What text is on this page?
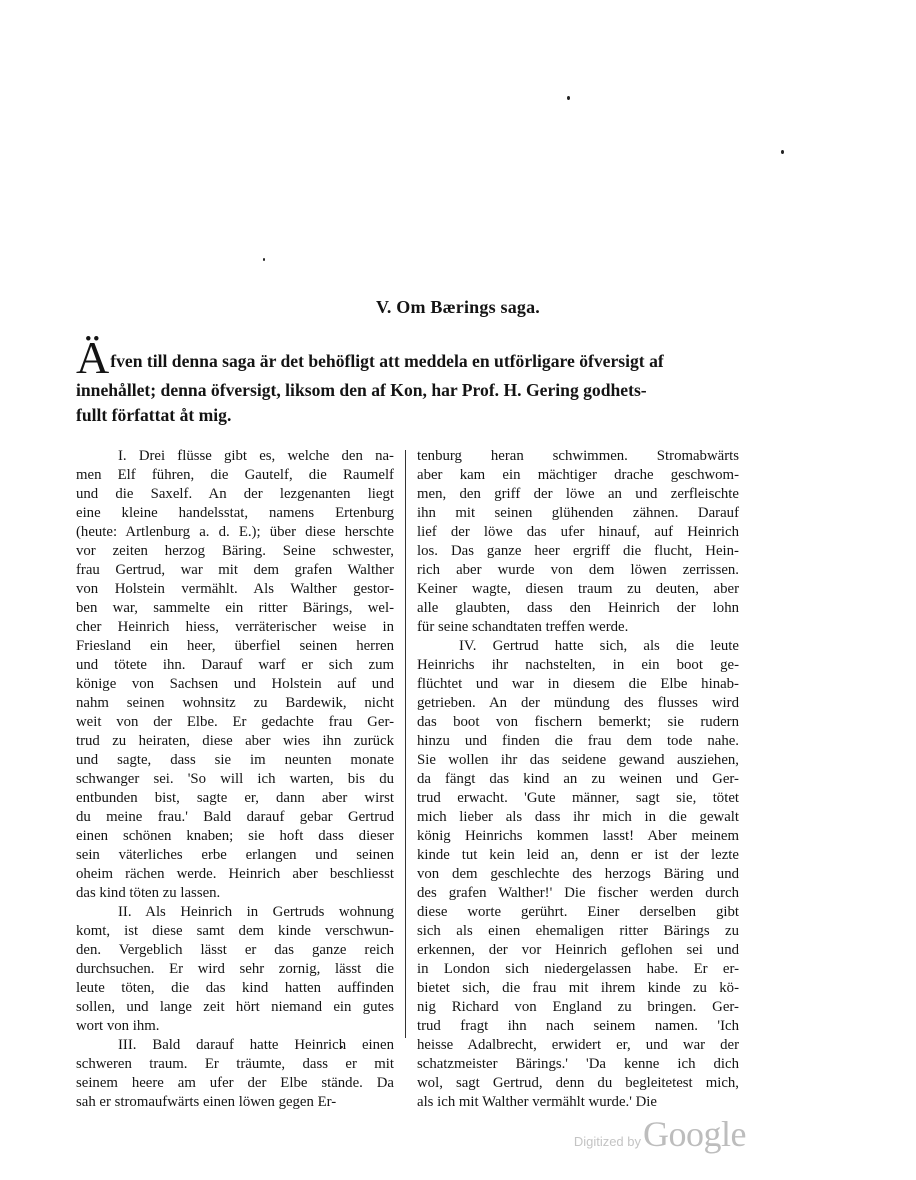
V. Om Bærings saga.
Äfven till denna saga är det behöfligt att meddela en utförligare öfversigt af
innehållet; denna öfversigt, liksom den af Kon, har Prof. H. Gering godhets-
fullt författat åt mig.
I. Drei flüsse gibt es, welche den na-
men Elf führen, die Gautelf, die Raumelf
und die Saxelf. An der lezgenanten liegt
eine kleine handelsstat, namens Ertenburg
(heute: Artlenburg a. d. E.); über diese herschte
vor zeiten herzog Bäring. Seine schwester,
frau Gertrud, war mit dem grafen Walther
von Holstein vermählt. Als Walther gestor-
ben war, sammelte ein ritter Bärings, wel-
cher Heinrich hiess, verräterischer weise in
Friesland ein heer, überfiel seinen herren
und tötete ihn. Darauf warf er sich zum
könige von Sachsen und Holstein auf und
nahm seinen wohnsitz zu Bardewik, nicht
weit von der Elbe. Er gedachte frau Ger-
trud zu heiraten, diese aber wies ihn zurück
und sagte, dass sie im neunten monate
schwanger sei. 'So will ich warten, bis du
entbunden bist, sagte er, dann aber wirst
du meine frau.' Bald darauf gebar Gertrud
einen schönen knaben; sie hoft dass dieser
sein väterliches erbe erlangen und seinen
oheim rächen werde. Heinrich aber beschliesst
das kind töten zu lassen.
II. Als Heinrich in Gertruds wohnung
komt, ist diese samt dem kinde verschwun-
den. Vergeblich lässt er das ganze reich
durchsuchen. Er wird sehr zornig, lässt die
leute töten, die das kind hatten auffinden
sollen, und lange zeit hört niemand ein gutes
wort von ihm.
III. Bald darauf hatte Heinrich einen
schweren traum. Er träumte, dass er mit
seinem heere am ufer der Elbe stände. Da
sah er stromaufwärts einen löwen gegen Er-
tenburg heran schwimmen. Stromabwärts
aber kam ein mächtiger drache geschwom-
men, den griff der löwe an und zerfleischte
ihn mit seinen glühenden zähnen. Darauf
lief der löwe das ufer hinauf, auf Heinrich
los. Das ganze heer ergriff die flucht, Hein-
rich aber wurde von dem löwen zerrissen.
Keiner wagte, diesen traum zu deuten, aber
alle glaubten, dass den Heinrich der lohn
für seine schandtaten treffen werde.
IV. Gertrud hatte sich, als die leute
Heinrichs ihr nachstelten, in ein boot ge-
flüchtet und war in diesem die Elbe hinab-
getrieben. An der mündung des flusses wird
das boot von fischern bemerkt; sie rudern
hinzu und finden die frau dem tode nahe.
Sie wollen ihr das seidene gewand ausziehen,
da fängt das kind an zu weinen und Ger-
trud erwacht. 'Gute männer, sagt sie, tötet
mich lieber als dass ihr mich in die gewalt
könig Heinrichs kommen lasst! Aber meinem
kinde tut kein leid an, denn er ist der lezte
von dem geschlechte des herzogs Bäring und
des grafen Walther!' Die fischer werden durch
diese worte gerührt. Einer derselben gibt
sich als einen ehemaligen ritter Bärings zu
erkennen, der vor Heinrich geflohen sei und
in London sich niedergelassen habe. Er er-
bietet sich, die frau mit ihrem kinde zu kö-
nig Richard von England zu bringen. Ger-
trud fragt ihn nach seinem namen. 'Ich
heisse Adalbrecht, erwidert er, und war der
schatzmeister Bärings.' 'Da kenne ich dich
wol, sagt Gertrud, denn du begleitetest mich,
als ich mit Walther vermählt wurde.' Die
Digitized by Google
